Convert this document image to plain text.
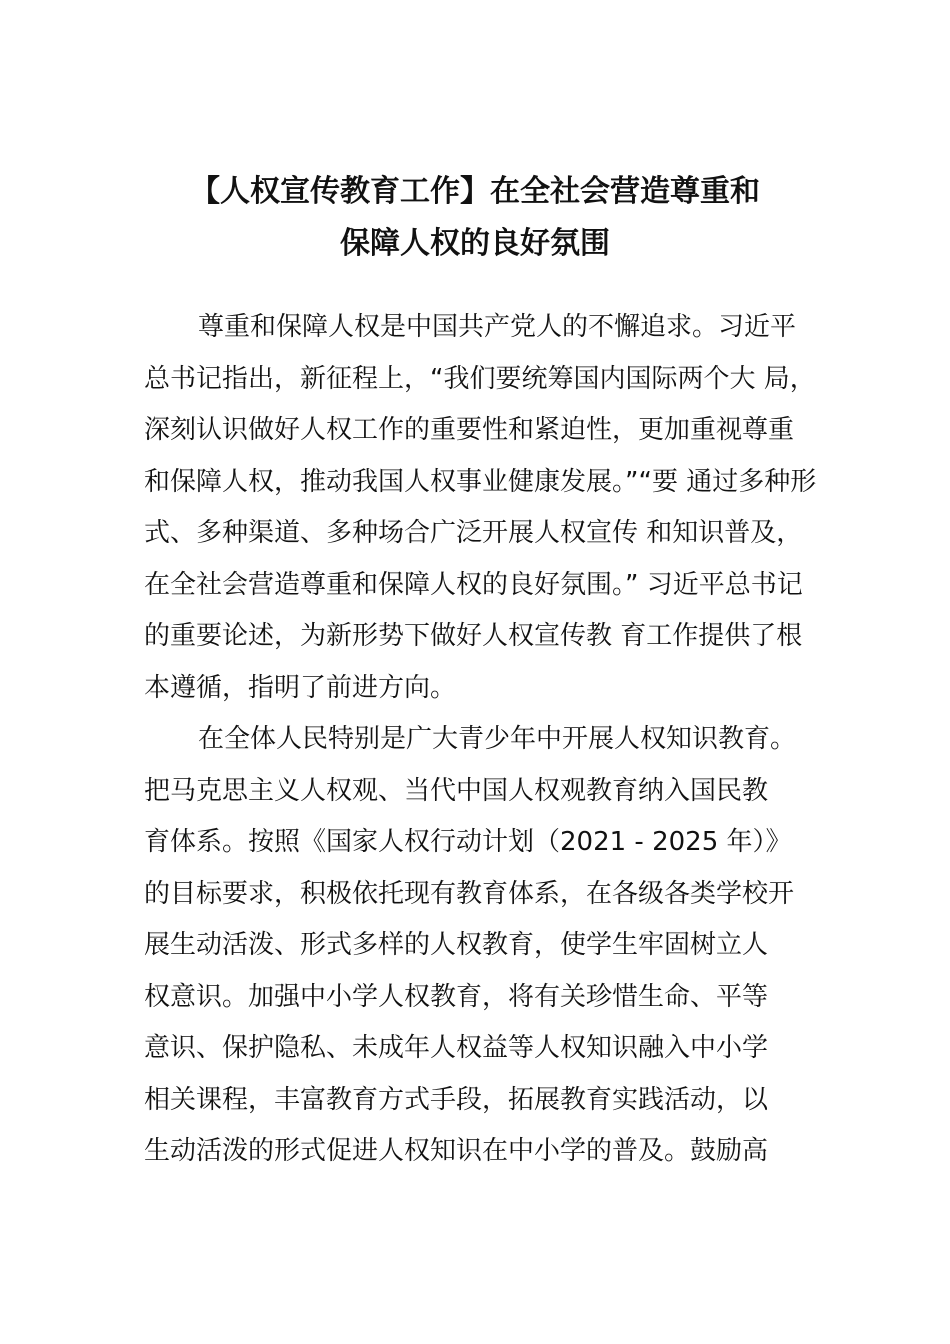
【人权宣传教育工作】在全社会营造尊重和
保障人权的良好氛围
尊重和保障人权是中国共产党人的不懈追求。习近平
总书记指出，新征程上，“我们要统筹国内国际两个大 局，
深刻认识做好人权工作的重要性和紧迫性，更加重视尊重
和保障人权，推动我国人权事业健康发展。”“要 通过多种形
式、多种渠道、多种场合广泛开展人权宣传 和知识普及，
在全社会营造尊重和保障人权的良好氛围。” 习近平总书记
的重要论述，为新形势下做好人权宣传教 育工作提供了根
本遵循，指明了前进方向。
在全体人民特别是广大青少年中开展人权知识教育。
把马克思主义人权观、当代中国人权观教育纳入国民教
育体系。按照《国家人权行动计划（2021 - 2025 年）》
的目标要求，积极依托现有教育体系，在各级各类学校开
展生动活泼、形式多样的人权教育，使学生牢固树立人
权意识。加强中小学人权教育，将有关珍惜生命、平等
意识、保护隐私、未成年人权益等人权知识融入中小学
相关课程，丰富教育方式手段，拓展教育实践活动，以
生动活泼的形式促进人权知识在中小学的普及。鼓励高
